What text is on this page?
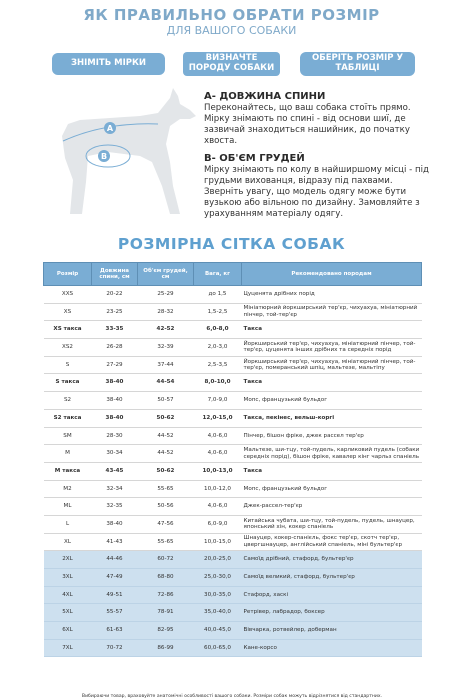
ЯК ПРАВИЛЬНО ОБРАТИ РОЗМІР
ДЛЯ ВАШОГО СОБАКИ
ЗНІМІТЬ МІРКИ	ВИЗНАЧТЕ ПОРОДУ СОБАКИ
ОБЕРІТЬ РОЗМІР У ТАБЛИЦІ
A
B
A- ДОВЖИНА СПИНИ
Переконайтесь, що ваш собака стоїть прямо. Мірку знімають по спині - від основи шиї, де зазвичай знаходиться нашийник, до початку хвоста.
B- ОБ'ЄМ ГРУДЕЙ
Мірку знімають по колу в найширшому місці - під грудьми вихованця, відразу під пахвами. Зверніть увагу, що модель одягу може бути вузькою або вільною по дизайну. Замовляйте з урахуванням матеріалу одягу.
РОЗМІРНА СІТКА СОБАК
Розмір	Довжина спини, см	Об'єм грудей, см	Вага, кг	Рекомендовано породам
XXS	20-22	25-29	до 1,5	Цуценята дрібних порід
XS	23-25	28-32	1,5-2,5	Мініатюрний йоркширський тер'єр, чихуахуа, мініатюрний пінчер, той-тер'єр
XS такса	33-35	42-52	6,0-8,0	Такса
XS2	26-28	32-39	2,0-3,0	Йоркширський тер'єр, чихуахуа, мініатюрний пінчер, той-тер'єр, цуценята інших дрібних та середніх порід
S	27-29	37-44	2,5-3,5	Йоркширський тер'єр, чихуахуа, мініатюрний пінчер, той-тер'єр, померанський шпіц, мальтезе, мальтіпу
S такса	38-40	44-54	8,0-10,0	Такса
S2	38-40	50-57	7,0-9,0	Мопс, французький бульдог
S2 такса	38-40	50-62	12,0-15,0	Такса, пекінес, вельш-коргі
SM	28-30	44-52	4,0-6,0	Пінчер, бішон фріке, джек рассел тер'єр
M	30-34	44-52	4,0-6,0	Мальтезе, ши-тцу, той-пудель, карликовий пудель (собаки середніх порід), бішон фріке, кавалер кінг чарльз спаніель
M такса	43-45	50-62	10,0-13,0	Такса
M2	32-34	55-65	10,0-12,0	Мопс, французький бульдог
ML	32-35	50-56	4,0-6,0	Джек-рассел-тер'єр
L	38-40	47-56	6,0-9,0	Китайська чубата, ши-тцу, той-пудель, пудель, шнауцер, японський хін, кокер спаніель
XL	41-43	55-65	10,0-15,0	Шнауцер, кокер-спанієль, фокс тер'єр, скотч тер'єр, цвергшнауцер, англійський спаніель, міні бультер'єр
2XL	44-46	60-72	20,0-25,0	Самоїд дрібний, стафорд, бультер'єр
3XL	47-49	68-80	25,0-30,0	Самоїд великий, стафорд, бультер'єр
4XL	49-51	72-86	30,0-35,0	Стафорд, хаскі
5XL	55-57	78-91	35,0-40,0	Ретрівер, лабрадор, боксер
6XL	61-63	82-95	40,0-45,0	Вівчарка, ротвейлер, доберман
7XL	70-72	86-99	60,0-65,0	Кане-корсо
Вибираючи товар, враховуйте анатомічні особливості вашого собаки. Розміри собак можуть відрізнятися від стандартних.
